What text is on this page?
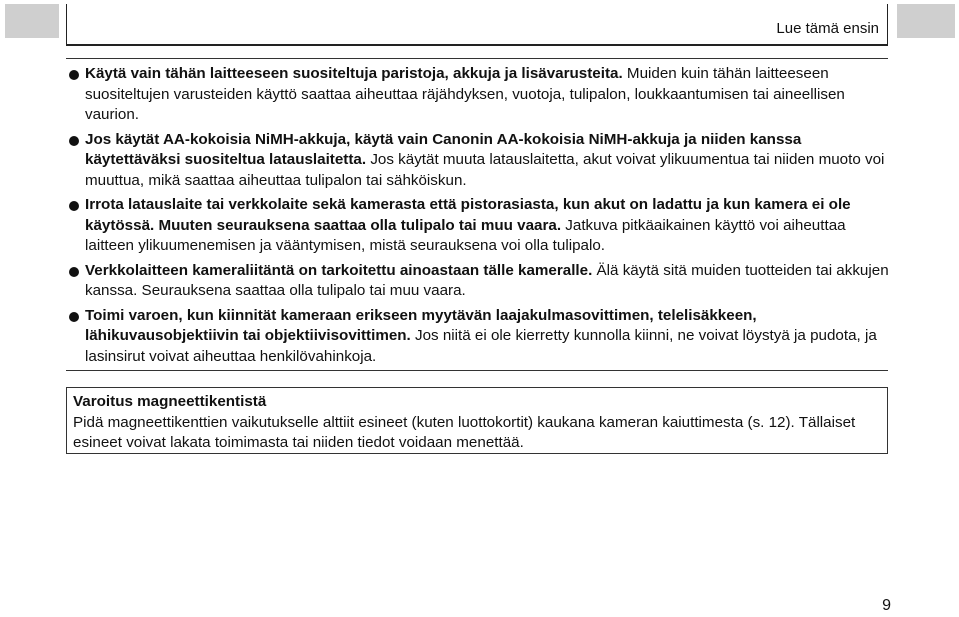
Lue tämä ensin
Käytä vain tähän laitteeseen suositeltuja paristoja, akkuja ja lisävarusteita. Muiden kuin tähän laitteeseen suositeltujen varusteiden käyttö saattaa aiheuttaa räjähdyksen, vuotoja, tulipalon, loukkaantumisen tai aineellisen vaurion.
Jos käytät AA-kokoisia NiMH-akkuja, käytä vain Canonin AA-kokoisia NiMH-akkuja ja niiden kanssa käytettäväksi suositeltua latauslaitetta. Jos käytät muuta latauslaitetta, akut voivat ylikuumentua tai niiden muoto voi muuttua, mikä saattaa aiheuttaa tulipalon tai sähköiskun.
Irrota latauslaite tai verkkolaite sekä kamerasta että pistorasiasta, kun akut on ladattu ja kun kamera ei ole käytössä. Muuten seurauksena saattaa olla tulipalo tai muu vaara. Jatkuva pitkäaikainen käyttö voi aiheuttaa laitteen ylikuumenemisen ja vääntymisen, mistä seurauksena voi olla tulipalo.
Verkkolaitteen kameraliitäntä on tarkoitettu ainoastaan tälle kameralle. Älä käytä sitä muiden tuotteiden tai akkujen kanssa. Seurauksena saattaa olla tulipalo tai muu vaara.
Toimi varoen, kun kiinnität kameraan erikseen myytävän laajakulmasovittimen, telelisäkkeen, lähikuvausobjektiivin tai objektiivisovittimen. Jos niitä ei ole kierretty kunnolla kiinni, ne voivat löystyä ja pudota, ja lasinsirut voivat aiheuttaa henkilövahinkoja.
Varoitus magneettikentistä
Pidä magneettikenttien vaikutukselle alttiit esineet (kuten luottokortit) kaukana kameran kaiuttimesta (s. 12). Tällaiset esineet voivat lakata toimimasta tai niiden tiedot voidaan menettää.
9
